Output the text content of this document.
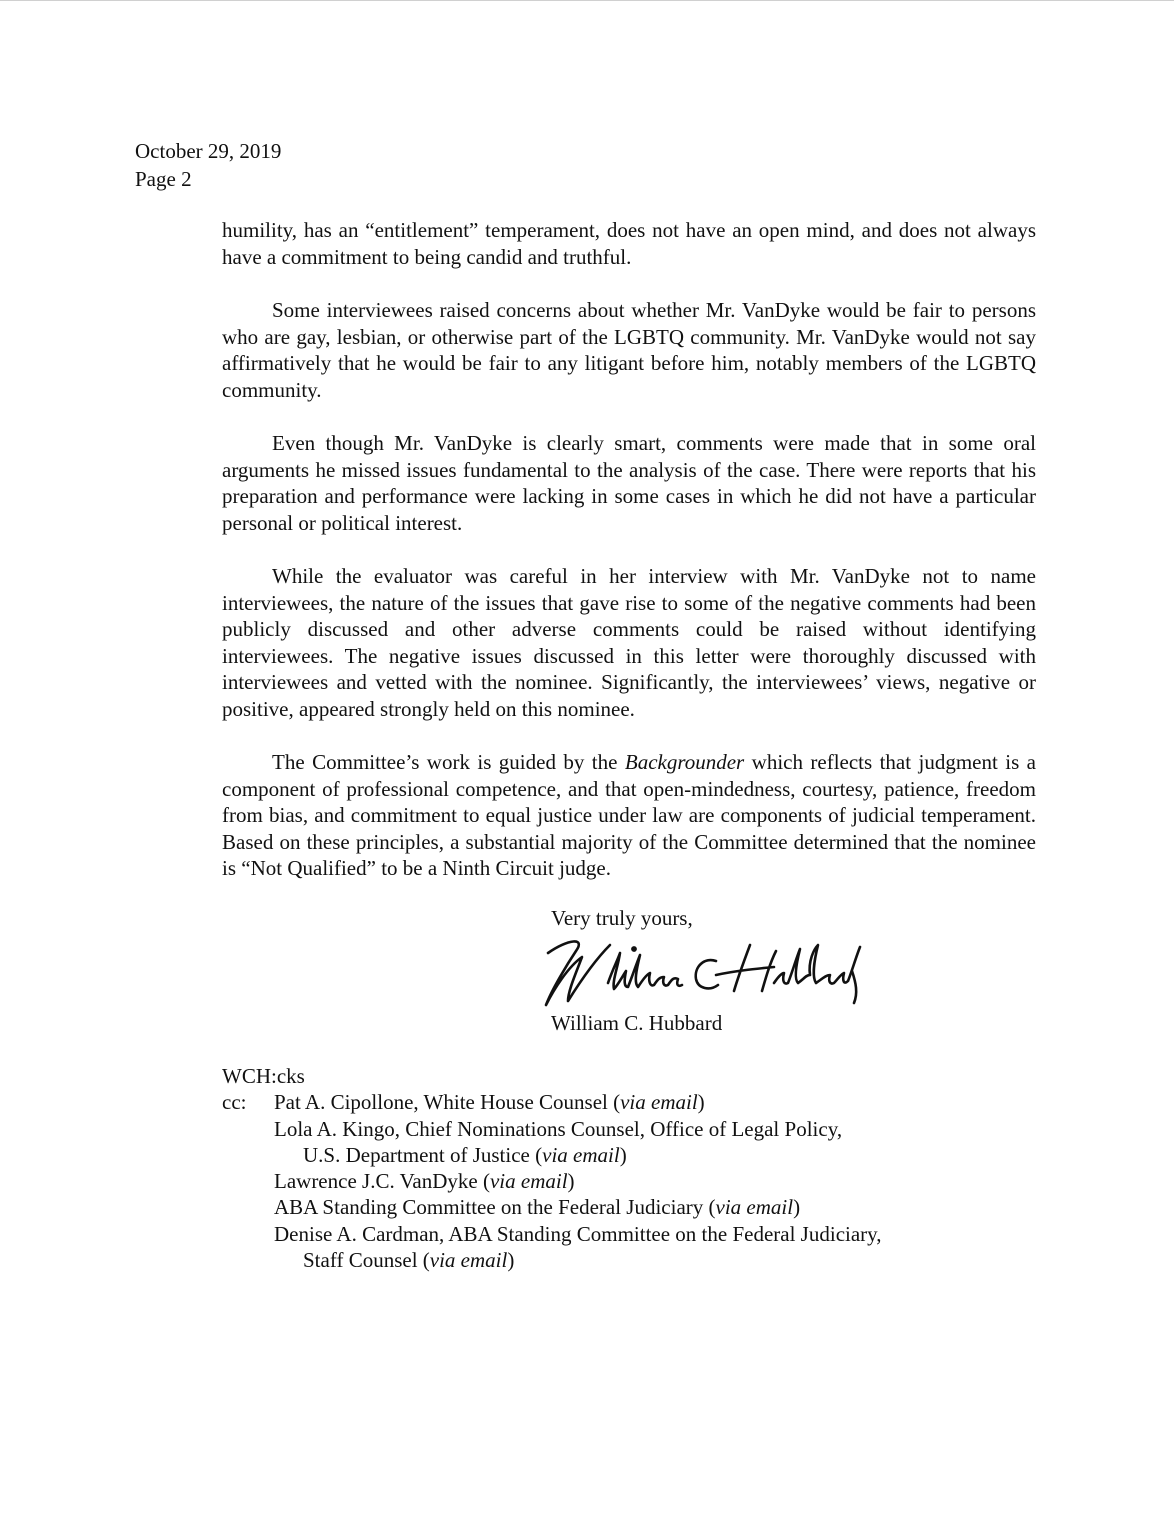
October 29, 2019
Page 2

humility, has an “entitlement” temperament, does not have an open mind, and does not always have a commitment to being candid and truthful.

Some interviewees raised concerns about whether Mr. VanDyke would be fair to persons who are gay, lesbian, or otherwise part of the LGBTQ community. Mr. VanDyke would not say affirmatively that he would be fair to any litigant before him, notably members of the LGBTQ community.

Even though Mr. VanDyke is clearly smart, comments were made that in some oral arguments he missed issues fundamental to the analysis of the case. There were reports that his preparation and performance were lacking in some cases in which he did not have a particular personal or political interest.

While the evaluator was careful in her interview with Mr. VanDyke not to name interviewees, the nature of the issues that gave rise to some of the negative comments had been publicly discussed and other adverse comments could be raised without identifying interviewees. The negative issues discussed in this letter were thoroughly discussed with interviewees and vetted with the nominee. Significantly, the interviewees’ views, negative or positive, appeared strongly held on this nominee.

The Committee’s work is guided by the Backgrounder which reflects that judgment is a component of professional competence, and that open-mindedness, courtesy, patience, freedom from bias, and commitment to equal justice under law are components of judicial temperament. Based on these principles, a substantial majority of the Committee determined that the nominee is “Not Qualified” to be a Ninth Circuit judge.

Very truly yours,
William C. Hubbard
WCH:cks
cc:	Pat A. Cipollone, White House Counsel (via email)
Lola A. Kingo, Chief Nominations Counsel, Office of Legal Policy,
U.S. Department of Justice (via email)
Lawrence J.C. VanDyke (via email)
ABA Standing Committee on the Federal Judiciary (via email)
Denise A. Cardman, ABA Standing Committee on the Federal Judiciary,
Staff Counsel (via email)
